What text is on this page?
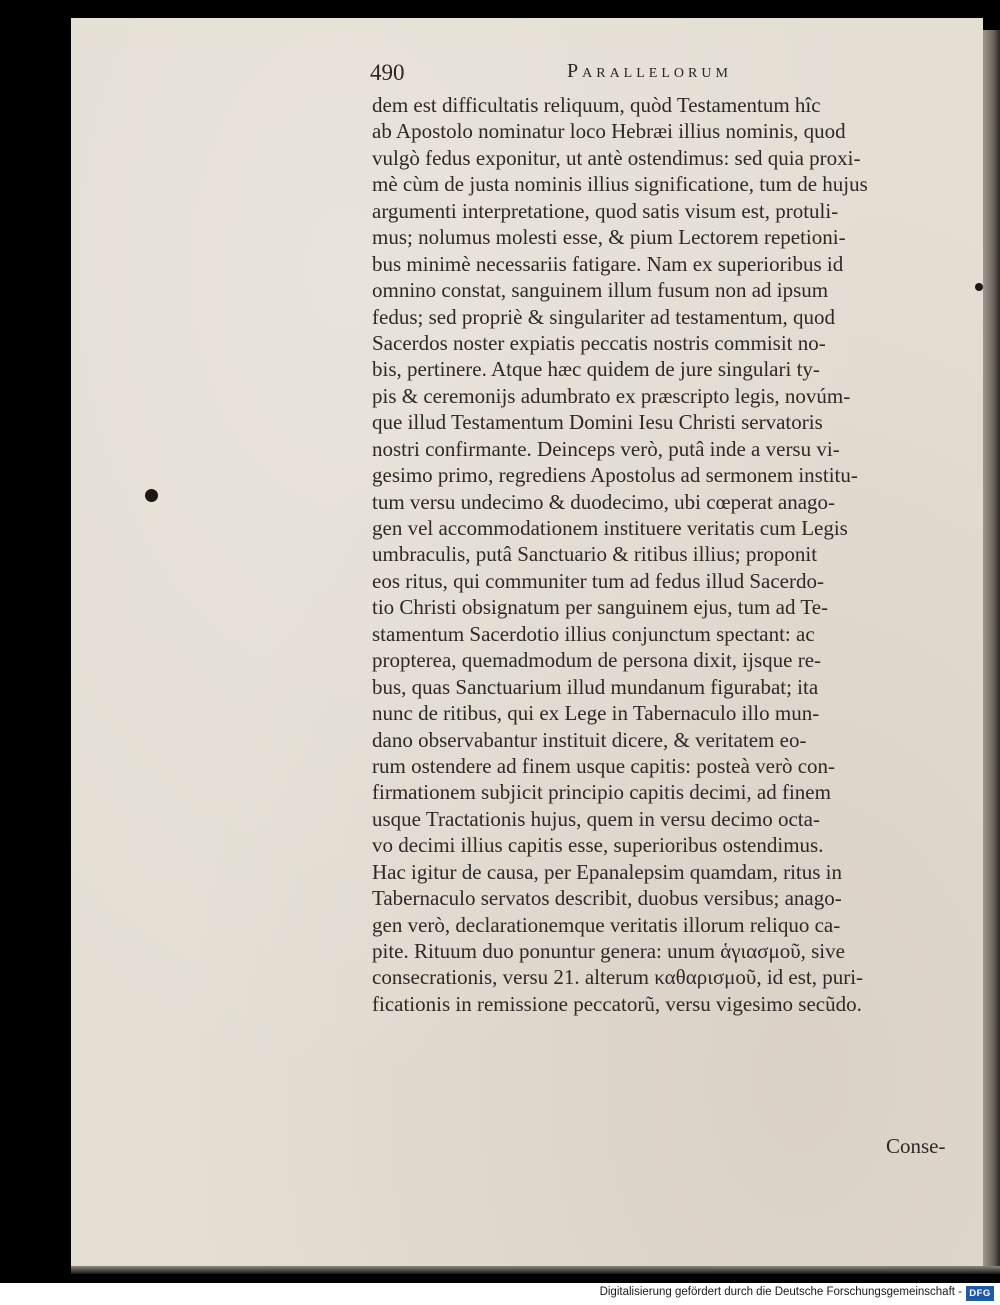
490	Parallelorum
dem est difficultatis reliquum, quòd Testamentum hîc
ab Apostolo nominatur loco Hebræi illius nominis, quod
vulgò fedus exponitur, ut antè ostendimus: sed quia proxi-
mè cùm de justa nominis illius significatione, tum de hujus
argumenti interpretatione, quod satis visum est, protuli-
mus; nolumus molesti esse, & pium Lectorem repetioni-
bus minimè necessariis fatigare. Nam ex superioribus id
omnino constat, sanguinem illum fusum non ad ipsum
fedus; sed propriè & singulariter ad testamentum, quod
Sacerdos noster expiatis peccatis nostris commisit no-
bis, pertinere. Atque hæc quidem de jure singulari ty-
pis & ceremonijs adumbrato ex præscripto legis, novúm-
que illud Testamentum Domini Iesu Christi servatoris
nostri confirmante. Deinceps verò, putâ inde a versu vi-
gesimo primo, regrediens Apostolus ad sermonem institu-
tum versu undecimo & duodecimo, ubi cœperat anago-
gen vel accommodationem instituere veritatis cum Legis
umbraculis, putâ Sanctuario & ritibus illius; proponit
eos ritus, qui communiter tum ad fedus illud Sacerdo-
tio Christi obsignatum per sanguinem ejus, tum ad Te-
stamentum Sacerdotio illius conjunctum spectant: ac
propterea, quemadmodum de persona dixit, ijsque re-
bus, quas Sanctuarium illud mundanum figurabat; ita
nunc de ritibus, qui ex Lege in Tabernaculo illo mun-
dano observabantur instituit dicere, & veritatem eo-
rum ostendere ad finem usque capitis: posteà verò con-
firmationem subjicit principio capitis decimi, ad finem
usque Tractationis hujus, quem in versu decimo octa-
vo decimi illius capitis esse, superioribus ostendimus.
Hac igitur de causa, per Epanalepsim quamdam, ritus in
Tabernaculo servatos describit, duobus versibus; anago-
gen verò, declarationemque veritatis illorum reliquo ca-
pite. Rituum duo ponuntur genera: unum ἁγιασμοῦ, sive
consecrationis, versu 21. alterum καθαρισμοῦ, id est, puri-
ficationis in remissione peccatorũ, versu vigesimo secũdo.
Conse-
Digitalisierung gefördert durch die Deutsche Forschungsgemeinschaft - DFG
